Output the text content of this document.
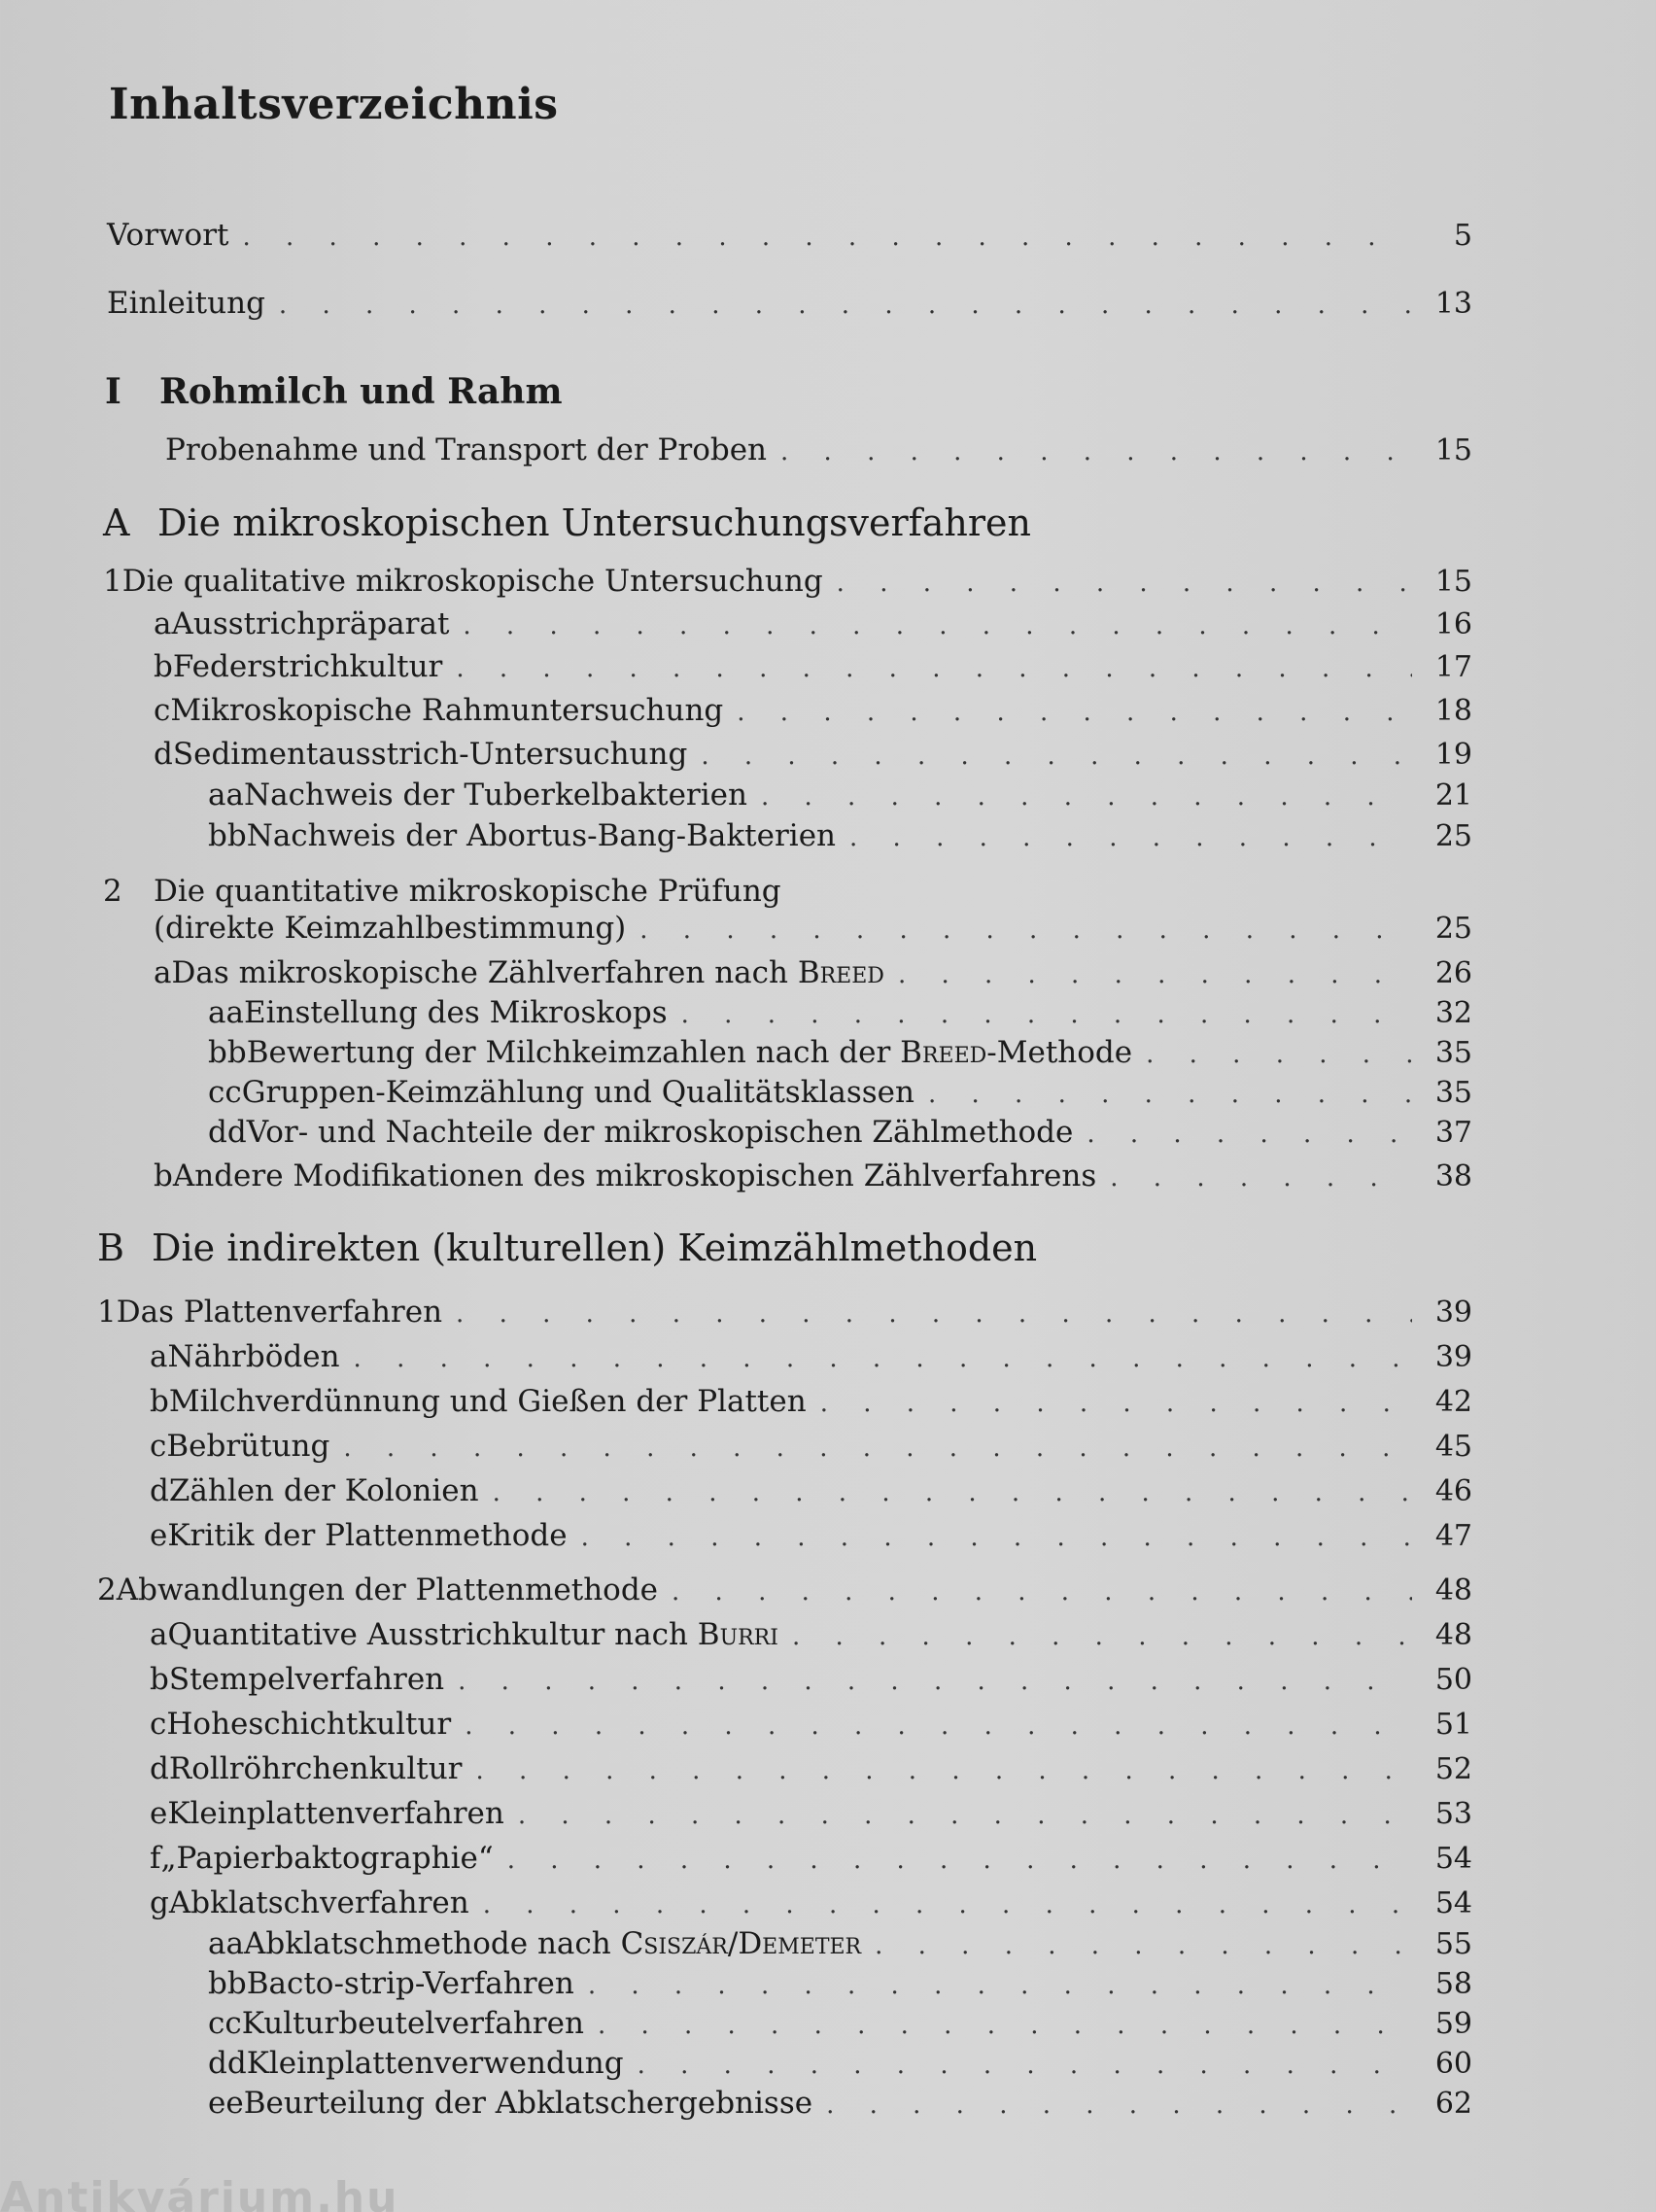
Inhaltsverzeichnis
Vorwort . . .	5
Einleitung . . .	13
I	Rohmilch und Rahm
Probenahme und Transport der Proben . . .	15
A Die mikroskopischen Untersuchungsverfahren
1 Die qualitative mikroskopische Untersuchung . . .	15
a Ausstrichpräparat . . .	16
b Federstrichkultur . . .	17
c Mikroskopische Rahmuntersuchung . . .	18
d Sedimentausstrich-Untersuchung . . .	19
aa Nachweis der Tuberkelbakterien . . .	21
bb Nachweis der Abortus-Bang-Bakterien . . .	25
2 Die quantitative mikroskopische Prüfung
(direkte Keimzahlbestimmung) . . .	25
a Das mikroskopische Zählverfahren nach Breed . . .	26
aa Einstellung des Mikroskops . . .	32
bb Bewertung der Milchkeimzahlen nach der Breed-Methode . . .	35
cc Gruppen-Keimzählung und Qualitätsklassen . . .	35
dd Vor- und Nachteile der mikroskopischen Zählmethode . . .	37
b Andere Modifikationen des mikroskopischen Zählverfahrens . . .	38
B Die indirekten (kulturellen) Keimzählmethoden
1 Das Plattenverfahren . . .	39
a Nährböden . . .	39
b Milchverdünnung und Gießen der Platten . . .	42
c Bebrütung . . .	45
d Zählen der Kolonien . . .	46
e Kritik der Plattenmethode . . .	47
2 Abwandlungen der Plattenmethode . . .	48
a Quantitative Ausstrichkultur nach Burri . . .	48
b Stempelverfahren . . .	50
c Hoheschichtkultur . . .	51
d Rollröhrchenkultur . . .	52
e Kleinplattenverfahren . . .	53
f „Papierbaktographie“ . . .	54
g Abklatschverfahren . . .	54
aa Abklatschmethode nach Csiszár/Demeter . . .	55
bb Bacto-strip-Verfahren . . .	58
cc Kulturbeutelverfahren . . .	59
dd Kleinplattenverwendung . . .	60
ee Beurteilung der Abklatschergebnisse . . .	62
Antikvárium.hu
